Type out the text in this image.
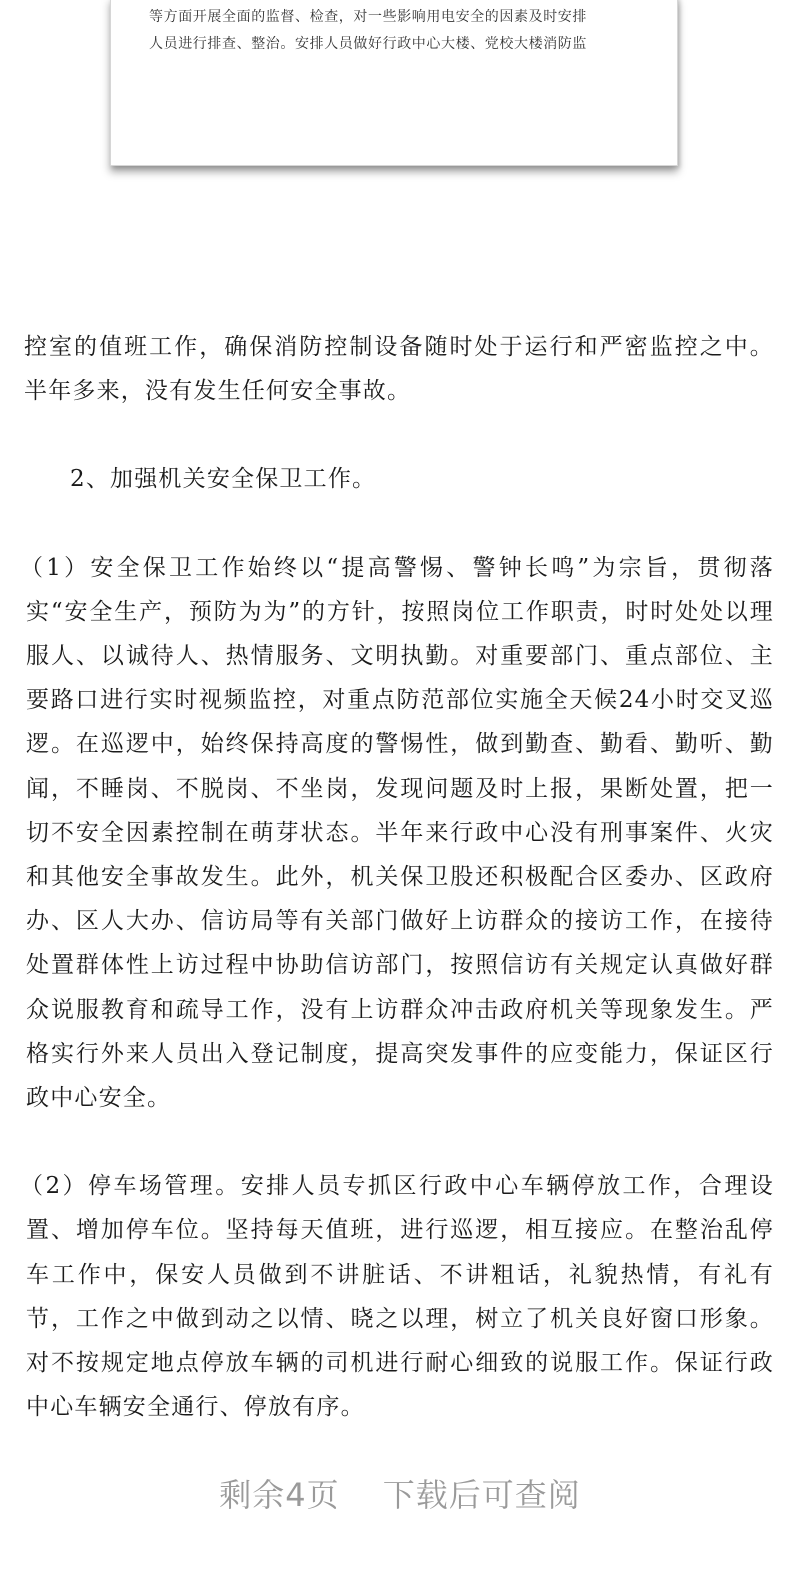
等方面开展全面的监督、检查，对一些影响用电安全的因素及时安排
人员进行排查、整治。安排人员做好行政中心大楼、党校大楼消防监

控室的值班工作，确保消防控制设备随时处于运行和严密监控之中。半年多来，没有发生任何安全事故。

2、加强机关安全保卫工作。

（1）安全保卫工作始终以“提高警惕、警钟长鸣”为宗旨，贯彻落实“安全生产，预防为为”的方针，按照岗位工作职责，时时处处以理服人、以诚待人、热情服务、文明执勤。对重要部门、重点部位、主要路口进行实时视频监控，对重点防范部位实施全天候24小时交叉巡逻。在巡逻中，始终保持高度的警惕性，做到勤查、勤看、勤听、勤闻，不睡岗、不脱岗、不坐岗，发现问题及时上报，果断处置，把一切不安全因素控制在萌芽状态。半年来行政中心没有刑事案件、火灾和其他安全事故发生。此外，机关保卫股还积极配合区委办、区政府办、区人大办、信访局等有关部门做好上访群众的接访工作，在接待处置群体性上访过程中协助信访部门，按照信访有关规定认真做好群众说服教育和疏导工作，没有上访群众冲击政府机关等现象发生。严格实行外来人员出入登记制度，提高突发事件的应变能力，保证区行政中心安全。

（2）停车场管理。安排人员专抓区行政中心车辆停放工作，合理设置、增加停车位。坚持每天值班，进行巡逻，相互接应。在整治乱停车工作中，保安人员做到不讲脏话、不讲粗话，礼貌热情，有礼有节，工作之中做到动之以情、晓之以理，树立了机关良好窗口形象。对不按规定地点停放车辆的司机进行耐心细致的说服工作。保证行政中心车辆安全通行、停放有序。

剩余4页 下载后可查阅
